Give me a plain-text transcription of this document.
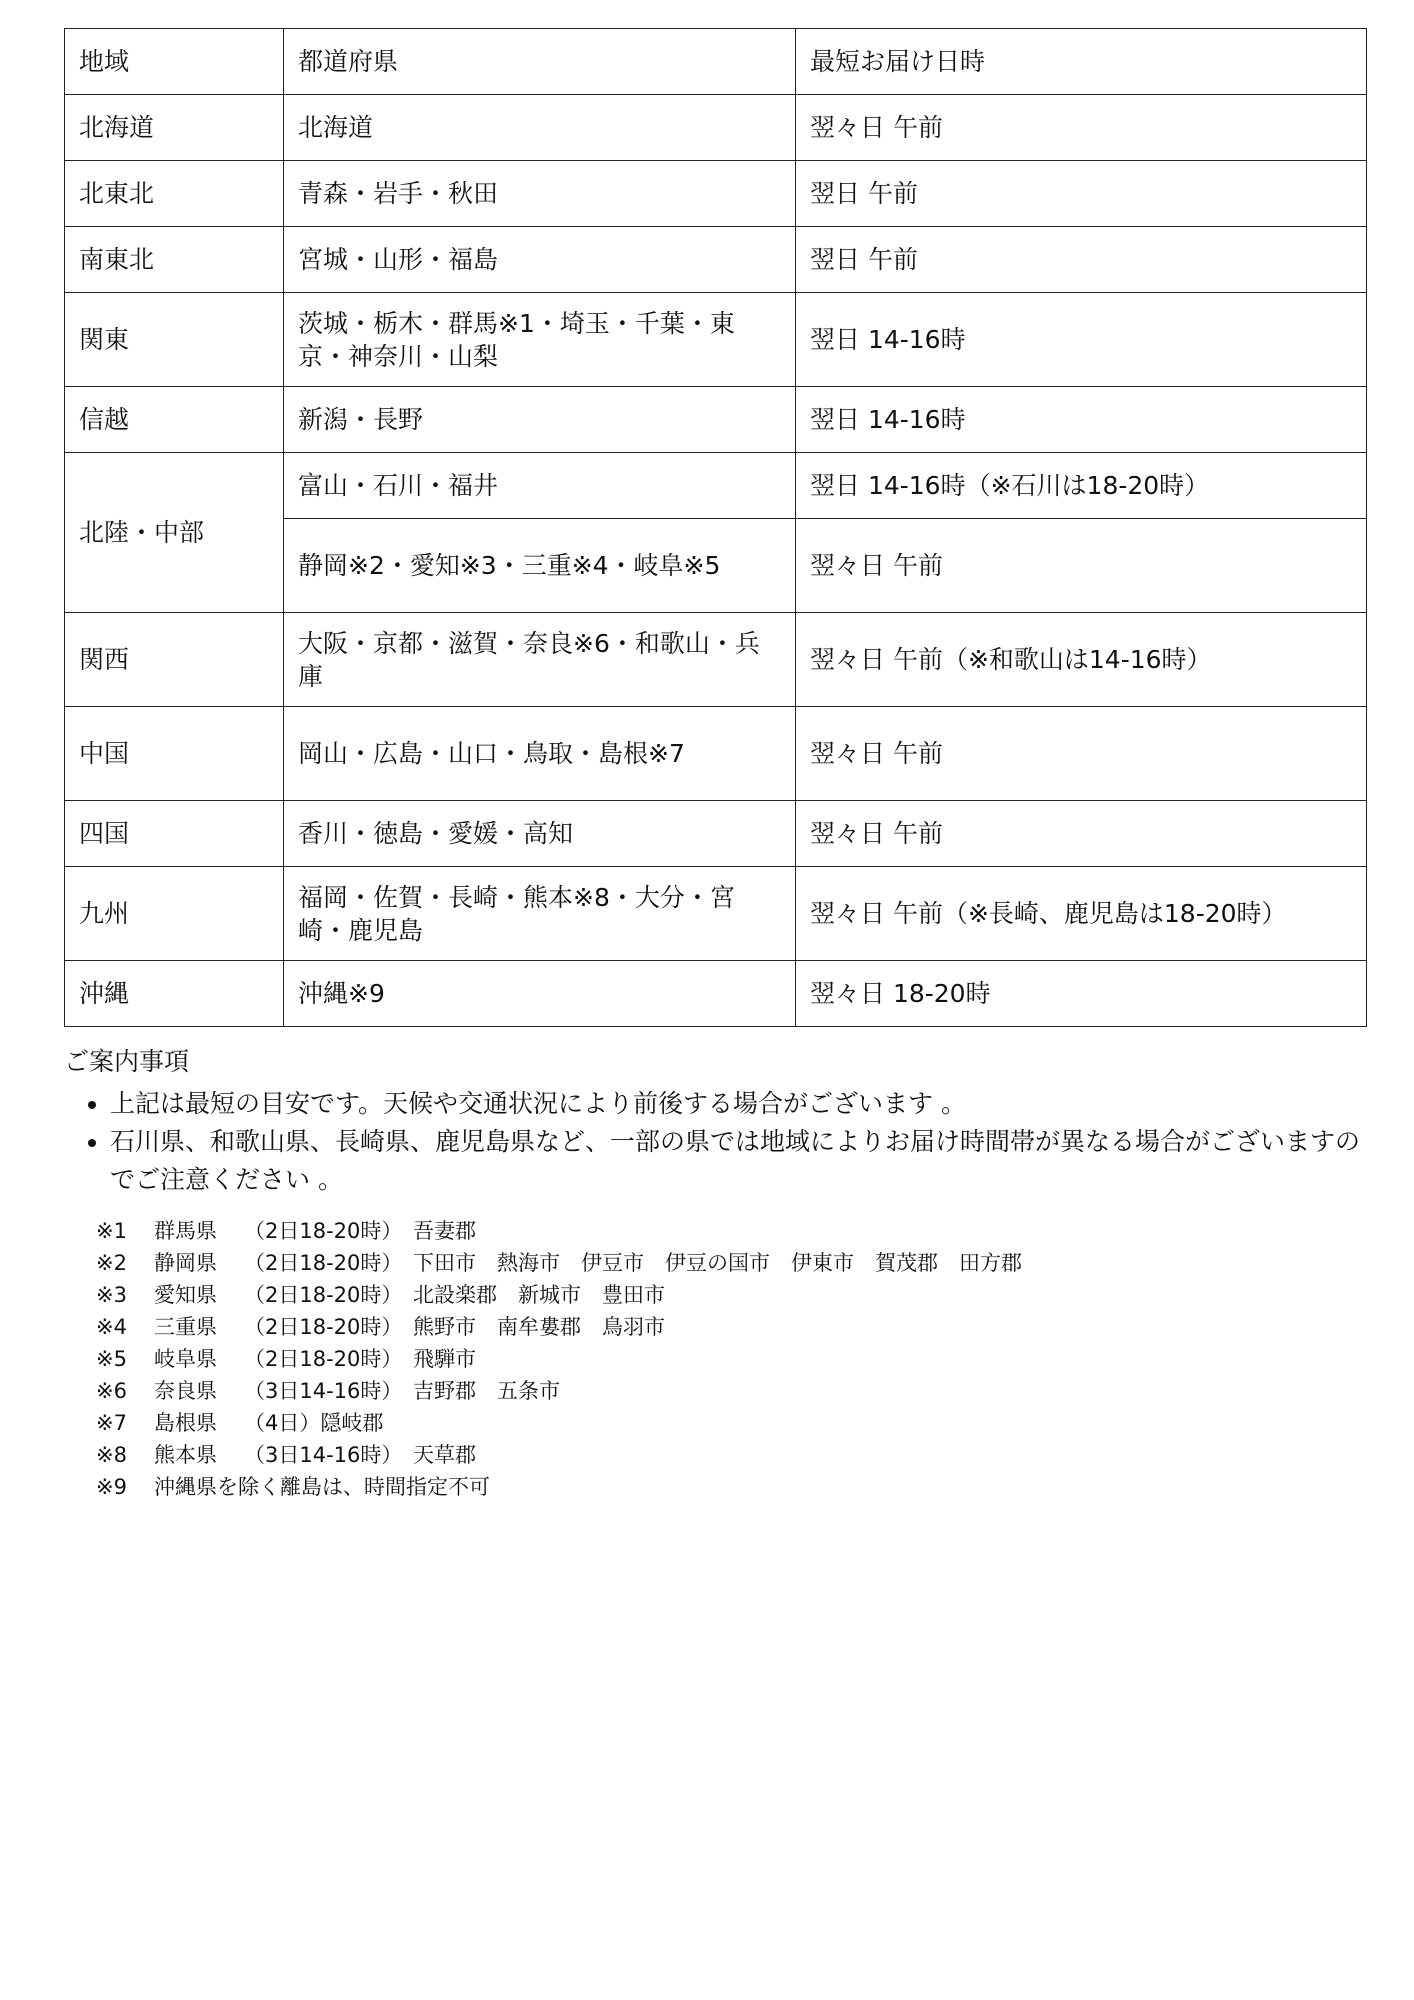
地域	都道府県	最短お届け日時
北海道	北海道	翌々日 午前
北東北	青森・岩手・秋田	翌日 午前
南東北	宮城・山形・福島	翌日 午前
関東	茨城・栃木・群馬※1・埼玉・千葉・東京・神奈川・山梨	翌日 14-16時
信越	新潟・長野	翌日 14-16時
北陸・中部	富山・石川・福井	翌日 14-16時（※石川は18-20時）
	静岡※2・愛知※3・三重※4・岐阜※5	翌々日 午前
関西	大阪・京都・滋賀・奈良※6・和歌山・兵庫	翌々日 午前（※和歌山は14-16時）
中国	岡山・広島・山口・鳥取・島根※7	翌々日 午前
四国	香川・徳島・愛媛・高知	翌々日 午前
九州	福岡・佐賀・長崎・熊本※8・大分・宮崎・鹿児島	翌々日 午前（※長崎、鹿児島は18-20時）
沖縄	沖縄※9	翌々日 18-20時
ご案内事項
• 上記は最短の目安です。天候や交通状況により前後する場合がございます 。
• 石川県、和歌山県、長崎県、鹿児島県など、一部の県では地域によりお届け時間帯が異なる場合がございますのでご注意ください 。
※1 群馬県 （2日18-20時） 吾妻郡
※2 静岡県 （2日18-20時） 下田市　熱海市　伊豆市　伊豆の国市　伊東市　賀茂郡　田方郡
※3 愛知県 （2日18-20時） 北設楽郡　新城市　豊田市
※4 三重県 （2日18-20時） 熊野市　南牟婁郡　鳥羽市
※5 岐阜県 （2日18-20時） 飛騨市
※6 奈良県 （3日14-16時） 吉野郡　五条市
※7 島根県 （4日）隠岐郡
※8 熊本県 （3日14-16時） 天草郡
※9 沖縄県を除く離島は、時間指定不可
